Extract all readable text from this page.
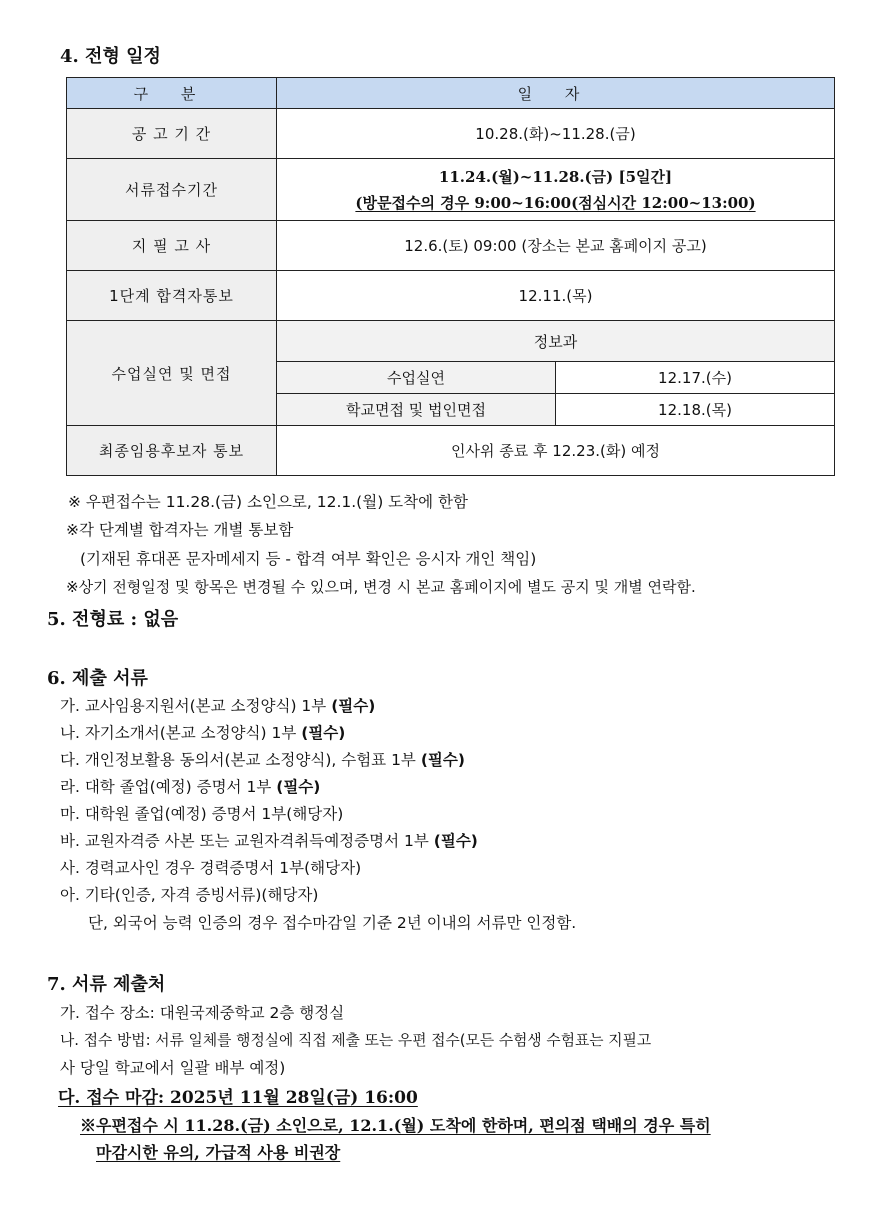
4. 전형 일정
구 분	일 자	
공 고 기 간	10.28.(화)~11.28.(금)	
서류접수기간	11.24.(월)~11.28.(금) [5일간]
(방문접수의 경우 9:00~16:00(점심시간 12:00~13:00)	

지 필 고 사	12.6.(토) 09:00 (장소는 본교 홈페이지 공고)	
1단계 합격자통보	12.11.(목)	
수업실연 및 면접	정보과	
	수업실연	12.17.(수)
	학교면접 및 법인면접	12.18.(목)
최종임용후보자 통보	인사위 종료 후 12.23.(화) 예정	
※ 우편접수는 11.28.(금) 소인으로, 12.1.(월) 도착에 한함
※각 단계별 합격자는 개별 통보함
(기재된 휴대폰 문자메세지 등 - 합격 여부 확인은 응시자 개인 책임)
※상기 전형일정 및 항목은 변경될 수 있으며, 변경 시 본교 홈페이지에 별도 공지 및 개별 연락함.
5. 전형료 : 없음
6. 제출 서류
가. 교사임용지원서(본교 소정양식) 1부 (필수)
나. 자기소개서(본교 소정양식) 1부 (필수)
다. 개인정보활용 동의서(본교 소정양식), 수험표 1부 (필수)
라. 대학 졸업(예정) 증명서 1부 (필수)
마. 대학원 졸업(예정) 증명서 1부(해당자)
바. 교원자격증 사본 또는 교원자격취득예정증명서 1부 (필수)
사. 경력교사인 경우 경력증명서 1부(해당자)
아. 기타(인증, 자격 증빙서류)(해당자)
단, 외국어 능력 인증의 경우 접수마감일 기준 2년 이내의 서류만 인정함.
7. 서류 제출처
가. 접수 장소: 대원국제중학교 2층 행정실
나. 접수 방법: 서류 일체를 행정실에 직접 제출 또는 우편 접수(모든 수험생 수험표는 지필고
사 당일 학교에서 일괄 배부 예정)
다. 접수 마감: 2025년 11월 28일(금) 16:00
※우편접수 시 11.28.(금) 소인으로, 12.1.(월) 도착에 한하며, 편의점 택배의 경우 특히
마감시한 유의, 가급적 사용 비권장
